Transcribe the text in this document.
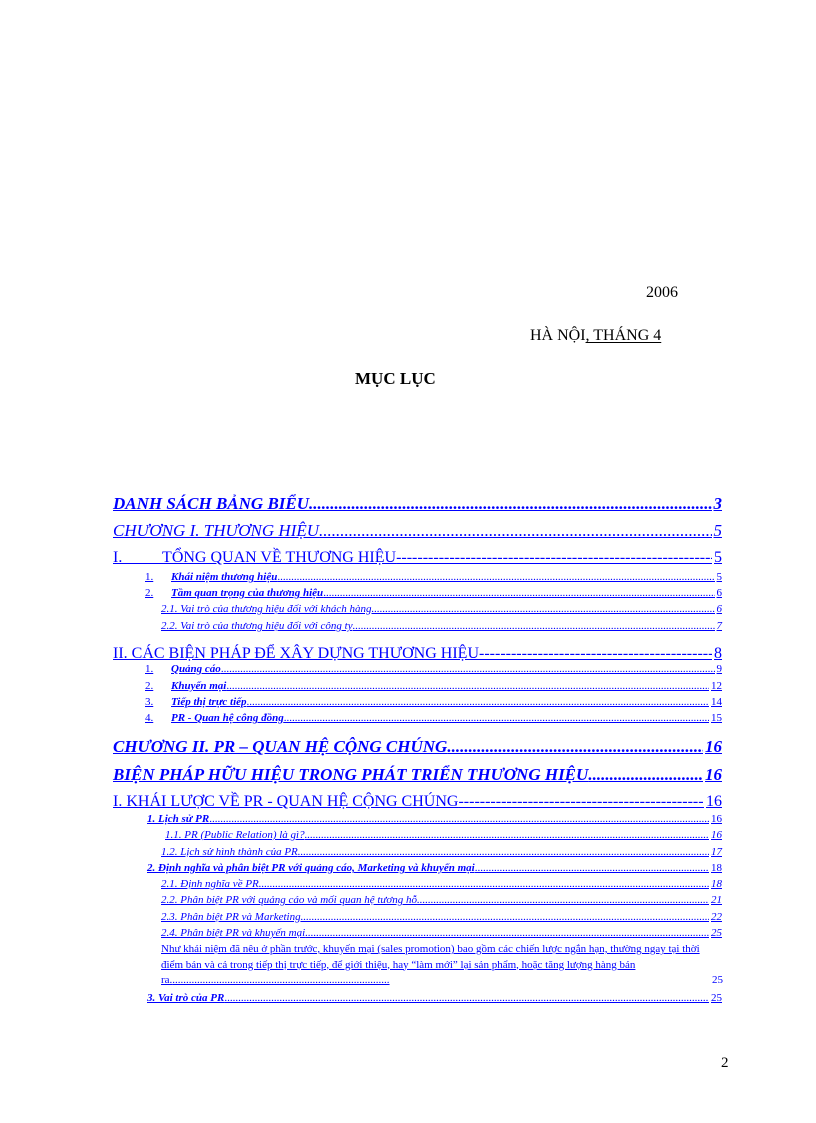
2006
HÀ NỘI, THÁNG 4
MỤC LỤC
DANH SÁCH BẢNG BIỂU .....	3
CHƯƠNG I. THƯƠNG HIỆU .....	5
I.          TỔNG QUAN VỀ THƯƠNG HIỆU -----	5
1.	Khái niệm thương hiệu .....	5
2.	Tầm quan trọng của thương hiệu .....	6
2.1. Vai trò của thương hiệu đối với khách hàng .....	6
2.2. Vai trò của thương hiệu đối với công ty .....	7
II. CÁC BIỆN PHÁP ĐỂ XÂY DỰNG THƯƠNG HIỆU -----	8
1.	Quảng cáo .....	9
2.	Khuyến mại .....	12
3.	Tiếp thị trực tiếp .....	14
4.	PR - Quan hệ công đồng .....	15
CHƯƠNG II. PR – QUAN HỆ CỘNG CHÚNG .....	16
BIỆN PHÁP HỮU HIỆU TRONG PHÁT TRIỂN THƯƠNG HIỆU .....	16
I. KHÁI LƯỢC VỀ PR - QUAN HỆ CỘNG CHÚNG -----	16
1. Lịch sử PR .....	16
1.1. PR (Public Relation) là gì? .....	16
1.2. Lịch sử hình thành của PR .....	17
2. Định nghĩa và phân biệt PR với quảng cáo, Marketing và khuyến mại .....	18
2.1. Định nghĩa về PR .....	18
2.2. Phân biệt PR với quảng cáo và mối quan hệ tương hỗ .....	21
2.3. Phân biệt PR và Marketing .....	22
2.4. Phân biệt PR và khuyến mại .....	25
Như khái niệm đã nêu ở phần trước, khuyến mại (sales promotion) bao gồm các chiến lược ngắn hạn, thường ngay tại thời điểm bán và cả trong tiếp thị trực tiếp, để giới thiệu, hay “làm mới” lại sản phẩm, hoặc tăng lượng hàng bán ra................................................................................	25
3. Vai trò của PR .....	25
2
